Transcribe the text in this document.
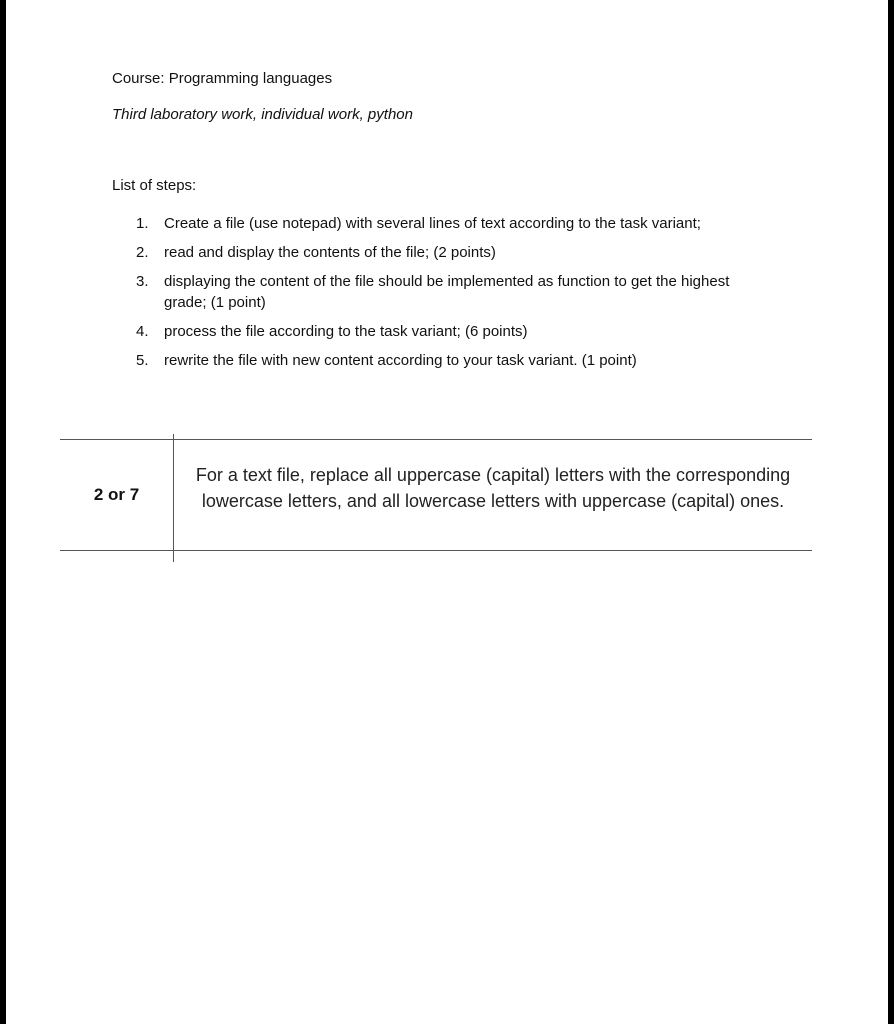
Course: Programming languages
Third laboratory work, individual work, python
List of steps:
1. Create a file (use notepad) with several lines of text according to the task variant;
2. read and display the contents of the file; (2 points)
3. displaying the content of the file should be implemented as function to get the highest grade; (1 point)
4. process the file according to the task variant; (6 points)
5. rewrite the file with new content according to your task variant. (1 point)
2 or 7
For a text file, replace all uppercase (capital) letters with the corresponding lowercase letters, and all lowercase letters with uppercase (capital) ones.
